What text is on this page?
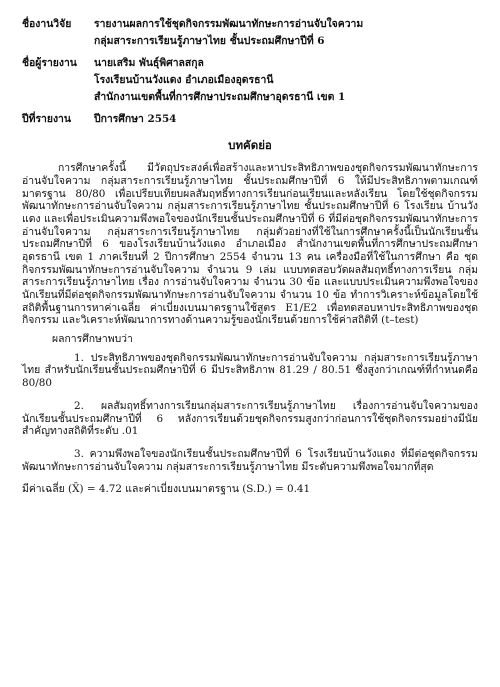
ชื่องานวิจัย	รายงานผลการใช้ชุดกิจกรรมพัฒนาทักษะการอ่านจับใจความ
กลุ่มสาระการเรียนรู้ภาษาไทย ชั้นประถมศึกษาปีที่ 6
ชื่อผู้รายงาน	นายเสริม พันธุ์พิศาลสกุล
โรงเรียนบ้านวังแดง อำเภอเมืองอุดรธานี
สำนักงานเขตพื้นที่การศึกษาประถมศึกษาอุดรธานี เขต 1
ปีที่รายงาน	ปีการศึกษา 2554
บทคัดย่อ

การศึกษาครั้งนี้ มีวัตถุประสงค์เพื่อสร้างและหาประสิทธิภาพของชุดกิจกรรมพัฒนาทักษะการอ่านจับใจความ กลุ่มสาระการเรียนรู้ภาษาไทย ชั้นประถมศึกษาปีที่ 6 ให้มีประสิทธิภาพตามเกณฑ์มาตรฐาน 80/80 เพื่อเปรียบเทียบผลสัมฤทธิ์ทางการเรียนก่อนเรียนและหลังเรียน โดยใช้ชุดกิจกรรมพัฒนาทักษะการอ่านจับใจความ กลุ่มสาระการเรียนรู้ภาษาไทย ชั้นประถมศึกษาปีที่ 6 โรงเรียน บ้านวังแดง และเพื่อประเมินความพึงพอใจของนักเรียนชั้นประถมศึกษาปีที่ 6 ที่มีต่อชุดกิจกรรมพัฒนาทักษะการอ่านจับใจความ กลุ่มสาระการเรียนรู้ภาษาไทย กลุ่มตัวอย่างที่ใช้ในการศึกษาครั้งนี้เป็นนักเรียนชั้นประถมศึกษาปีที่ 6 ของโรงเรียนบ้านวังแดง อำเภอเมือง สำนักงานเขตพื้นที่การศึกษาประถมศึกษาอุดรธานี เขต 1 ภาคเรียนที่ 2 ปีการศึกษา 2554 จำนวน 13 คน เครื่องมือที่ใช้ในการศึกษา คือ ชุดกิจกรรมพัฒนาทักษะการอ่านจับใจความ จำนวน 9 เล่ม แบบทดสอบวัดผลสัมฤทธิ์ทางการเรียน กลุ่มสาระการเรียนรู้ภาษาไทย เรื่อง การอ่านจับใจความ จำนวน 30 ข้อ และแบบประเมินความพึงพอใจของนักเรียนที่มีต่อชุดกิจกรรมพัฒนาทักษะการอ่านจับใจความ จำนวน 10 ข้อ ทำการวิเคราะห์ข้อมูลโดยใช้สถิติพื้นฐานการหาค่าเฉลี่ย ค่าเบี่ยงเบนมาตรฐานใช้สูตร E1/E2 เพื่อทดสอบหาประสิทธิภาพของชุดกิจกรรม และวิเคราะห์พัฒนาการทางด้านความรู้ของนักเรียนด้วยการใช้ค่าสถิติที (t–test)

ผลการศึกษาพบว่า

1. ประสิทธิภาพของชุดกิจกรรมพัฒนาทักษะการอ่านจับใจความ กลุ่มสาระการเรียนรู้ภาษาไทย สำหรับนักเรียนชั้นประถมศึกษาปีที่ 6 มีประสิทธิภาพ 81.29 / 80.51 ซึ่งสูงกว่าเกณฑ์ที่กำหนดคือ 80/80

2. ผลสัมฤทธิ์ทางการเรียนกลุ่มสาระการเรียนรู้ภาษาไทย เรื่องการอ่านจับใจความของนักเรียนชั้นประถมศึกษาปีที่ 6 หลังการเรียนด้วยชุดกิจกรรมสูงกว่าก่อนการใช้ชุดกิจกรรมอย่างมีนัยสำคัญทางสถิติที่ระดับ .01

3. ความพึงพอใจของนักเรียนชั้นประถมศึกษาปีที่ 6 โรงเรียนบ้านวังแดง ที่มีต่อชุดกิจกรรมพัฒนาทักษะการอ่านจับใจความ กลุ่มสาระการเรียนรู้ภาษาไทย มีระดับความพึงพอใจมากที่สุด

มีค่าเฉลี่ย (X̄) = 4.72 และค่าเบี่ยงเบนมาตรฐาน (S.D.) = 0.41
